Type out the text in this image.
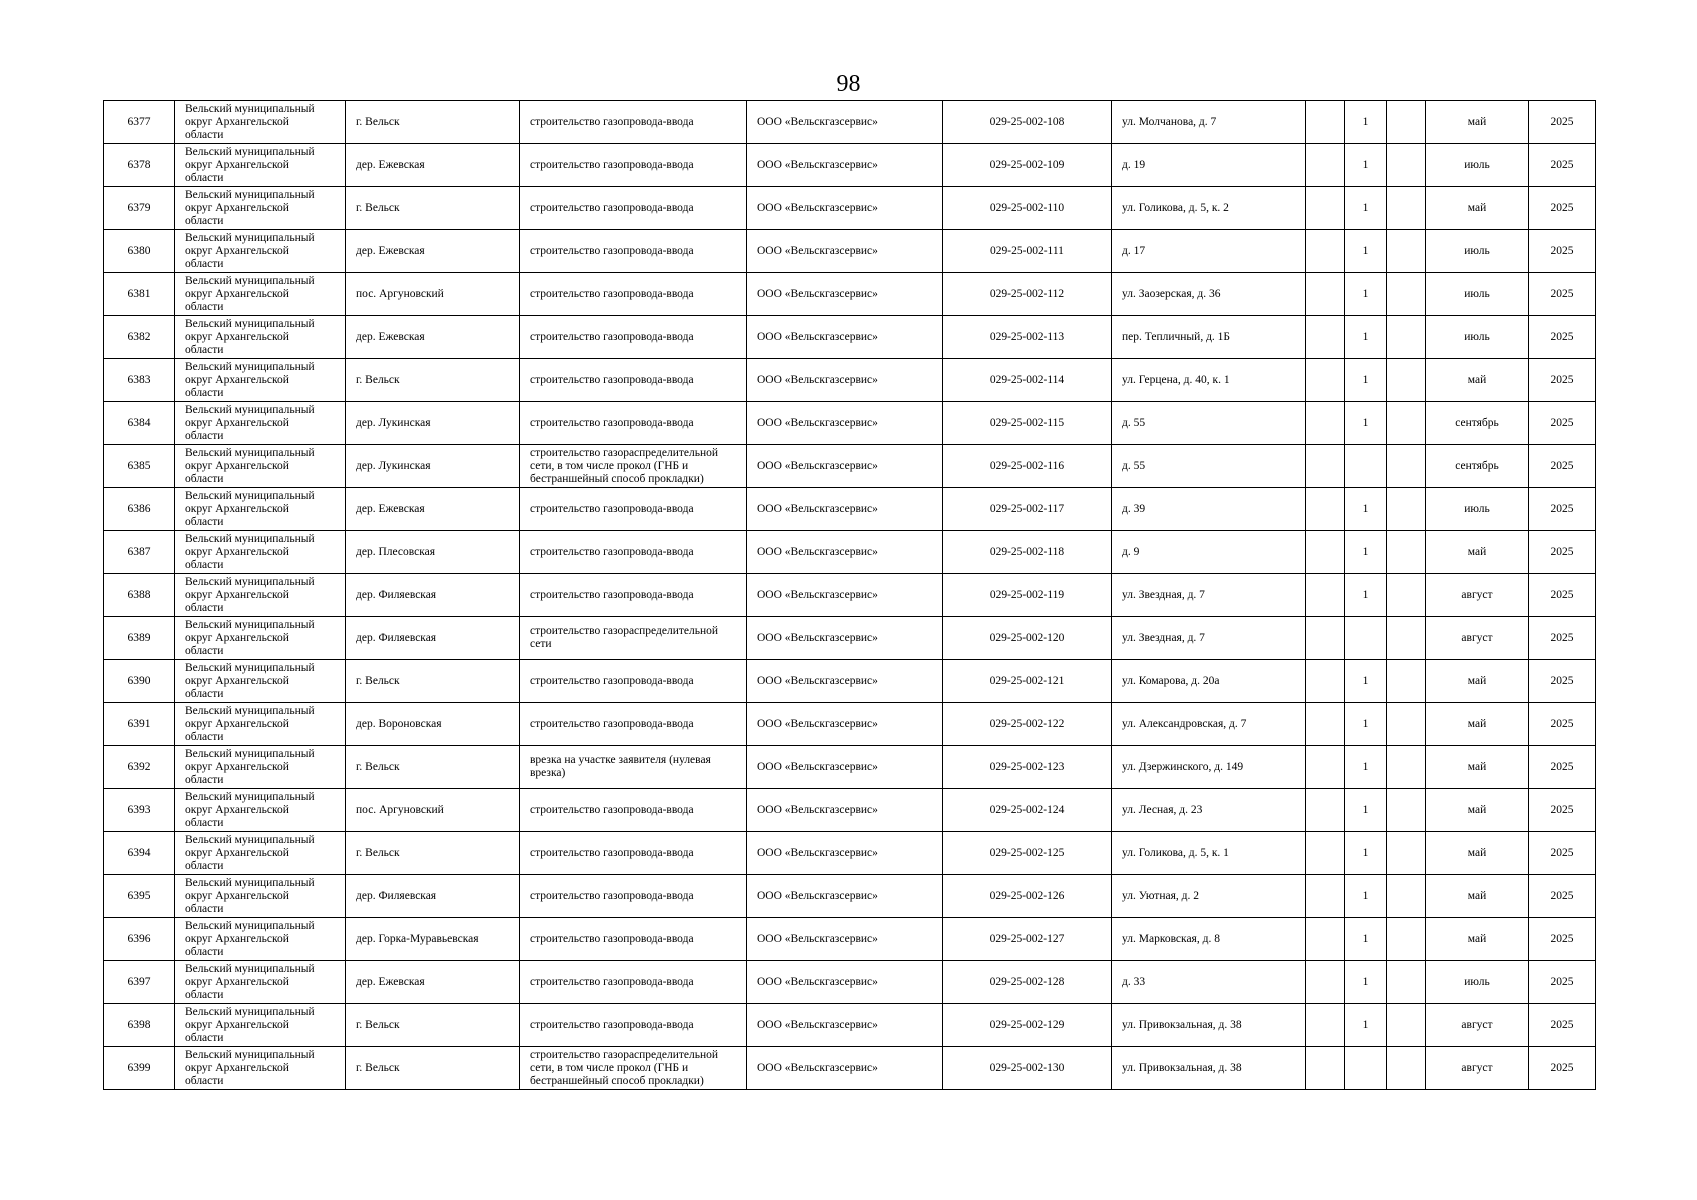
98
6377	Вельский муниципальный
округ Архангельской
области	г. Вельск	строительство газопровода-ввода	ООО «Вельскгазсервис»	029-25-002-108	ул. Молчанова, д. 7		1		май	2025
6378	Вельский муниципальный
округ Архангельской
области	дер. Ежевская	строительство газопровода-ввода	ООО «Вельскгазсервис»	029-25-002-109	д. 19		1		июль	2025
6379	Вельский муниципальный
округ Архангельской
области	г. Вельск	строительство газопровода-ввода	ООО «Вельскгазсервис»	029-25-002-110	ул. Голикова, д. 5, к. 2		1		май	2025
6380	Вельский муниципальный
округ Архангельской
области	дер. Ежевская	строительство газопровода-ввода	ООО «Вельскгазсервис»	029-25-002-111	д. 17		1		июль	2025
6381	Вельский муниципальный
округ Архангельской
области	пос. Аргуновский	строительство газопровода-ввода	ООО «Вельскгазсервис»	029-25-002-112	ул. Заозерская, д. 36		1		июль	2025
6382	Вельский муниципальный
округ Архангельской
области	дер. Ежевская	строительство газопровода-ввода	ООО «Вельскгазсервис»	029-25-002-113	пер. Тепличный, д. 1Б		1		июль	2025
6383	Вельский муниципальный
округ Архангельской
области	г. Вельск	строительство газопровода-ввода	ООО «Вельскгазсервис»	029-25-002-114	ул. Герцена, д. 40, к. 1		1		май	2025
6384	Вельский муниципальный
округ Архангельской
области	дер. Лукинская	строительство газопровода-ввода	ООО «Вельскгазсервис»	029-25-002-115	д. 55		1		сентябрь	2025
6385	Вельский муниципальный
округ Архангельской
области	дер. Лукинская	строительство газораспределительной сети, в том числе прокол (ГНБ и бестраншейный способ прокладки)	ООО «Вельскгазсервис»	029-25-002-116	д. 55				сентябрь	2025
6386	Вельский муниципальный
округ Архангельской
области	дер. Ежевская	строительство газопровода-ввода	ООО «Вельскгазсервис»	029-25-002-117	д. 39		1		июль	2025
6387	Вельский муниципальный
округ Архангельской
области	дер. Плесовская	строительство газопровода-ввода	ООО «Вельскгазсервис»	029-25-002-118	д. 9		1		май	2025
6388	Вельский муниципальный
округ Архангельской
области	дер. Филяевская	строительство газопровода-ввода	ООО «Вельскгазсервис»	029-25-002-119	ул. Звездная, д. 7		1		август	2025
6389	Вельский муниципальный
округ Архангельской
области	дер. Филяевская	строительство газораспределительной сети	ООО «Вельскгазсервис»	029-25-002-120	ул. Звездная, д. 7				август	2025
6390	Вельский муниципальный
округ Архангельской
области	г. Вельск	строительство газопровода-ввода	ООО «Вельскгазсервис»	029-25-002-121	ул. Комарова, д. 20а		1		май	2025
6391	Вельский муниципальный
округ Архангельской
области	дер. Вороновская	строительство газопровода-ввода	ООО «Вельскгазсервис»	029-25-002-122	ул. Александровская, д. 7		1		май	2025
6392	Вельский муниципальный
округ Архангельской
области	г. Вельск	врезка на участке заявителя (нулевая врезка)	ООО «Вельскгазсервис»	029-25-002-123	ул. Дзержинского, д. 149		1		май	2025
6393	Вельский муниципальный
округ Архангельской
области	пос. Аргуновский	строительство газопровода-ввода	ООО «Вельскгазсервис»	029-25-002-124	ул. Лесная, д. 23		1		май	2025
6394	Вельский муниципальный
округ Архангельской
области	г. Вельск	строительство газопровода-ввода	ООО «Вельскгазсервис»	029-25-002-125	ул. Голикова, д. 5, к. 1		1		май	2025
6395	Вельский муниципальный
округ Архангельской
области	дер. Филяевская	строительство газопровода-ввода	ООО «Вельскгазсервис»	029-25-002-126	ул. Уютная, д. 2		1		май	2025
6396	Вельский муниципальный
округ Архангельской
области	дер. Горка-Муравьевская	строительство газопровода-ввода	ООО «Вельскгазсервис»	029-25-002-127	ул. Марковская, д. 8		1		май	2025
6397	Вельский муниципальный
округ Архангельской
области	дер. Ежевская	строительство газопровода-ввода	ООО «Вельскгазсервис»	029-25-002-128	д. 33		1		июль	2025
6398	Вельский муниципальный
округ Архангельской
области	г. Вельск	строительство газопровода-ввода	ООО «Вельскгазсервис»	029-25-002-129	ул. Привокзальная, д. 38		1		август	2025
6399	Вельский муниципальный
округ Архангельской
области	г. Вельск	строительство газораспределительной сети, в том числе прокол (ГНБ и бестраншейный способ прокладки)	ООО «Вельскгазсервис»	029-25-002-130	ул. Привокзальная, д. 38				август	2025
